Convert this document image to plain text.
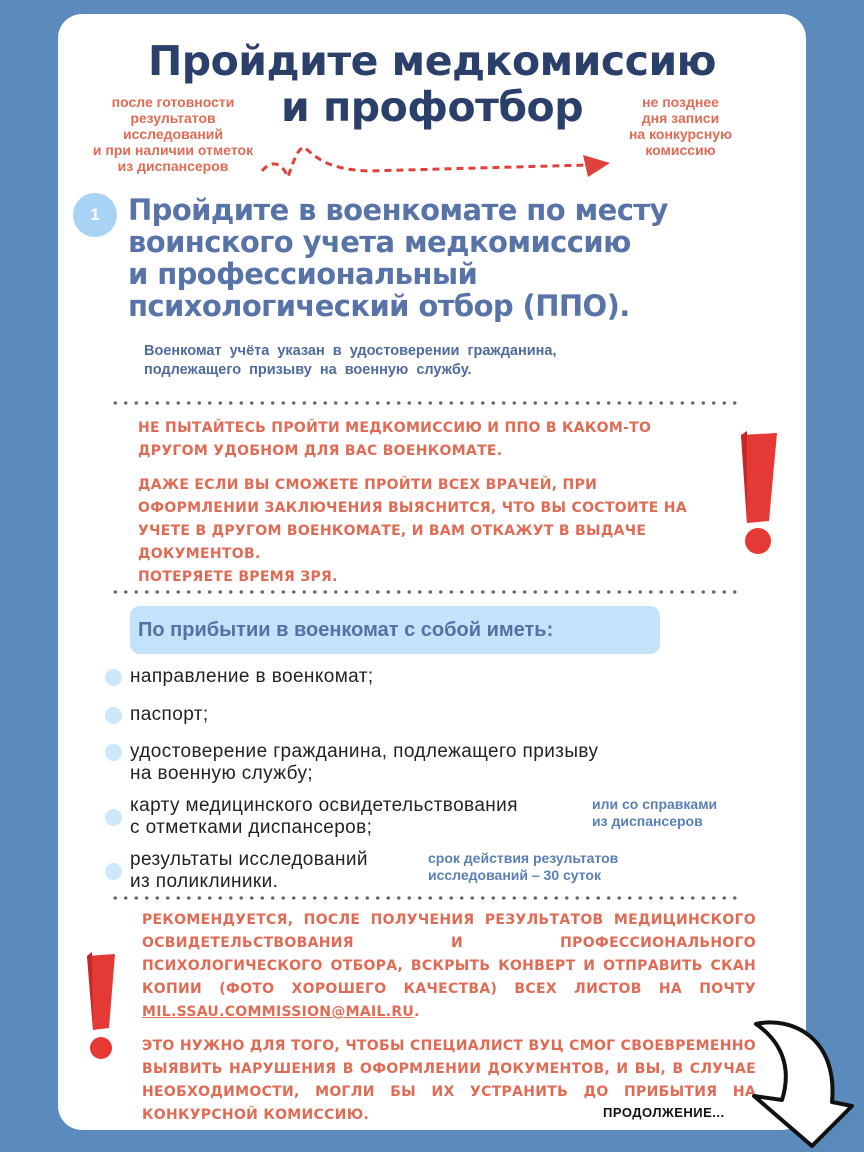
Пройдите медкомиссию
и профотбор
после готовности
результатов
исследований
и при наличии отметок
из диспансеров
не позднее
дня записи
на конкурсную
комиссию
1 Пройдите в военкомате по месту
воинского учета медкомиссию
и профессиональный
психологический отбор (ППО).
Военкомат учёта указан в удостоверении гражданина,
подлежащего призыву на военную службу.

НЕ ПЫТАЙТЕСЬ ПРОЙТИ МЕДКОМИССИЮ И ППО В КАКОМ-ТО ДРУГОМ УДОБНОМ ДЛЯ ВАС ВОЕНКОМАТЕ.

ДАЖЕ ЕСЛИ ВЫ СМОЖЕТЕ ПРОЙТИ ВСЕХ ВРАЧЕЙ, ПРИ ОФОРМЛЕНИИ ЗАКЛЮЧЕНИЯ ВЫЯСНИТСЯ, ЧТО ВЫ СОСТОИТЕ НА УЧЕТЕ В ДРУГОМ ВОЕНКОМАТЕ, И ВАМ ОТКАЖУТ В ВЫДАЧЕ ДОКУМЕНТОВ.

ПОТЕРЯЕТЕ ВРЕМЯ ЗРЯ.

По прибытии в военкомат с собой иметь:
направление в военкомат;
паспорт;
удостоверение гражданина, подлежащего призыву
на военную службу;
карту медицинского освидетельствования
с отметками диспансеров;
или со справками
из диспансеров
результаты исследований
из поликлиники.
срок действия результатов
исследований – 30 суток

РЕКОМЕНДУЕТСЯ, ПОСЛЕ ПОЛУЧЕНИЯ РЕЗУЛЬТАТОВ МЕДИЦИНСКОГО ОСВИДЕТЕЛЬСТВОВАНИЯ И ПРОФЕССИОНАЛЬНОГО ПСИХОЛОГИЧЕСКОГО ОТБОРА, ВСКРЫТЬ КОНВЕРТ И ОТПРАВИТЬ СКАН КОПИИ (ФОТО ХОРОШЕГО КАЧЕСТВА) ВСЕХ ЛИСТОВ НА ПОЧТУ MIL.SSAU.COMMISSION@MAIL.RU.

ЭТО НУЖНО ДЛЯ ТОГО, ЧТОБЫ СПЕЦИАЛИСТ ВУЦ СМОГ СВОЕВРЕМЕННО ВЫЯВИТЬ НАРУШЕНИЯ В ОФОРМЛЕНИИ ДОКУМЕНТОВ, И ВЫ, В СЛУЧАЕ НЕОБХОДИМОСТИ, МОГЛИ БЫ ИХ УСТРАНИТЬ ДО ПРИБЫТИЯ НА КОНКУРСНОЙ КОМИССИЮ.	ПРОДОЛЖЕНИЕ...
